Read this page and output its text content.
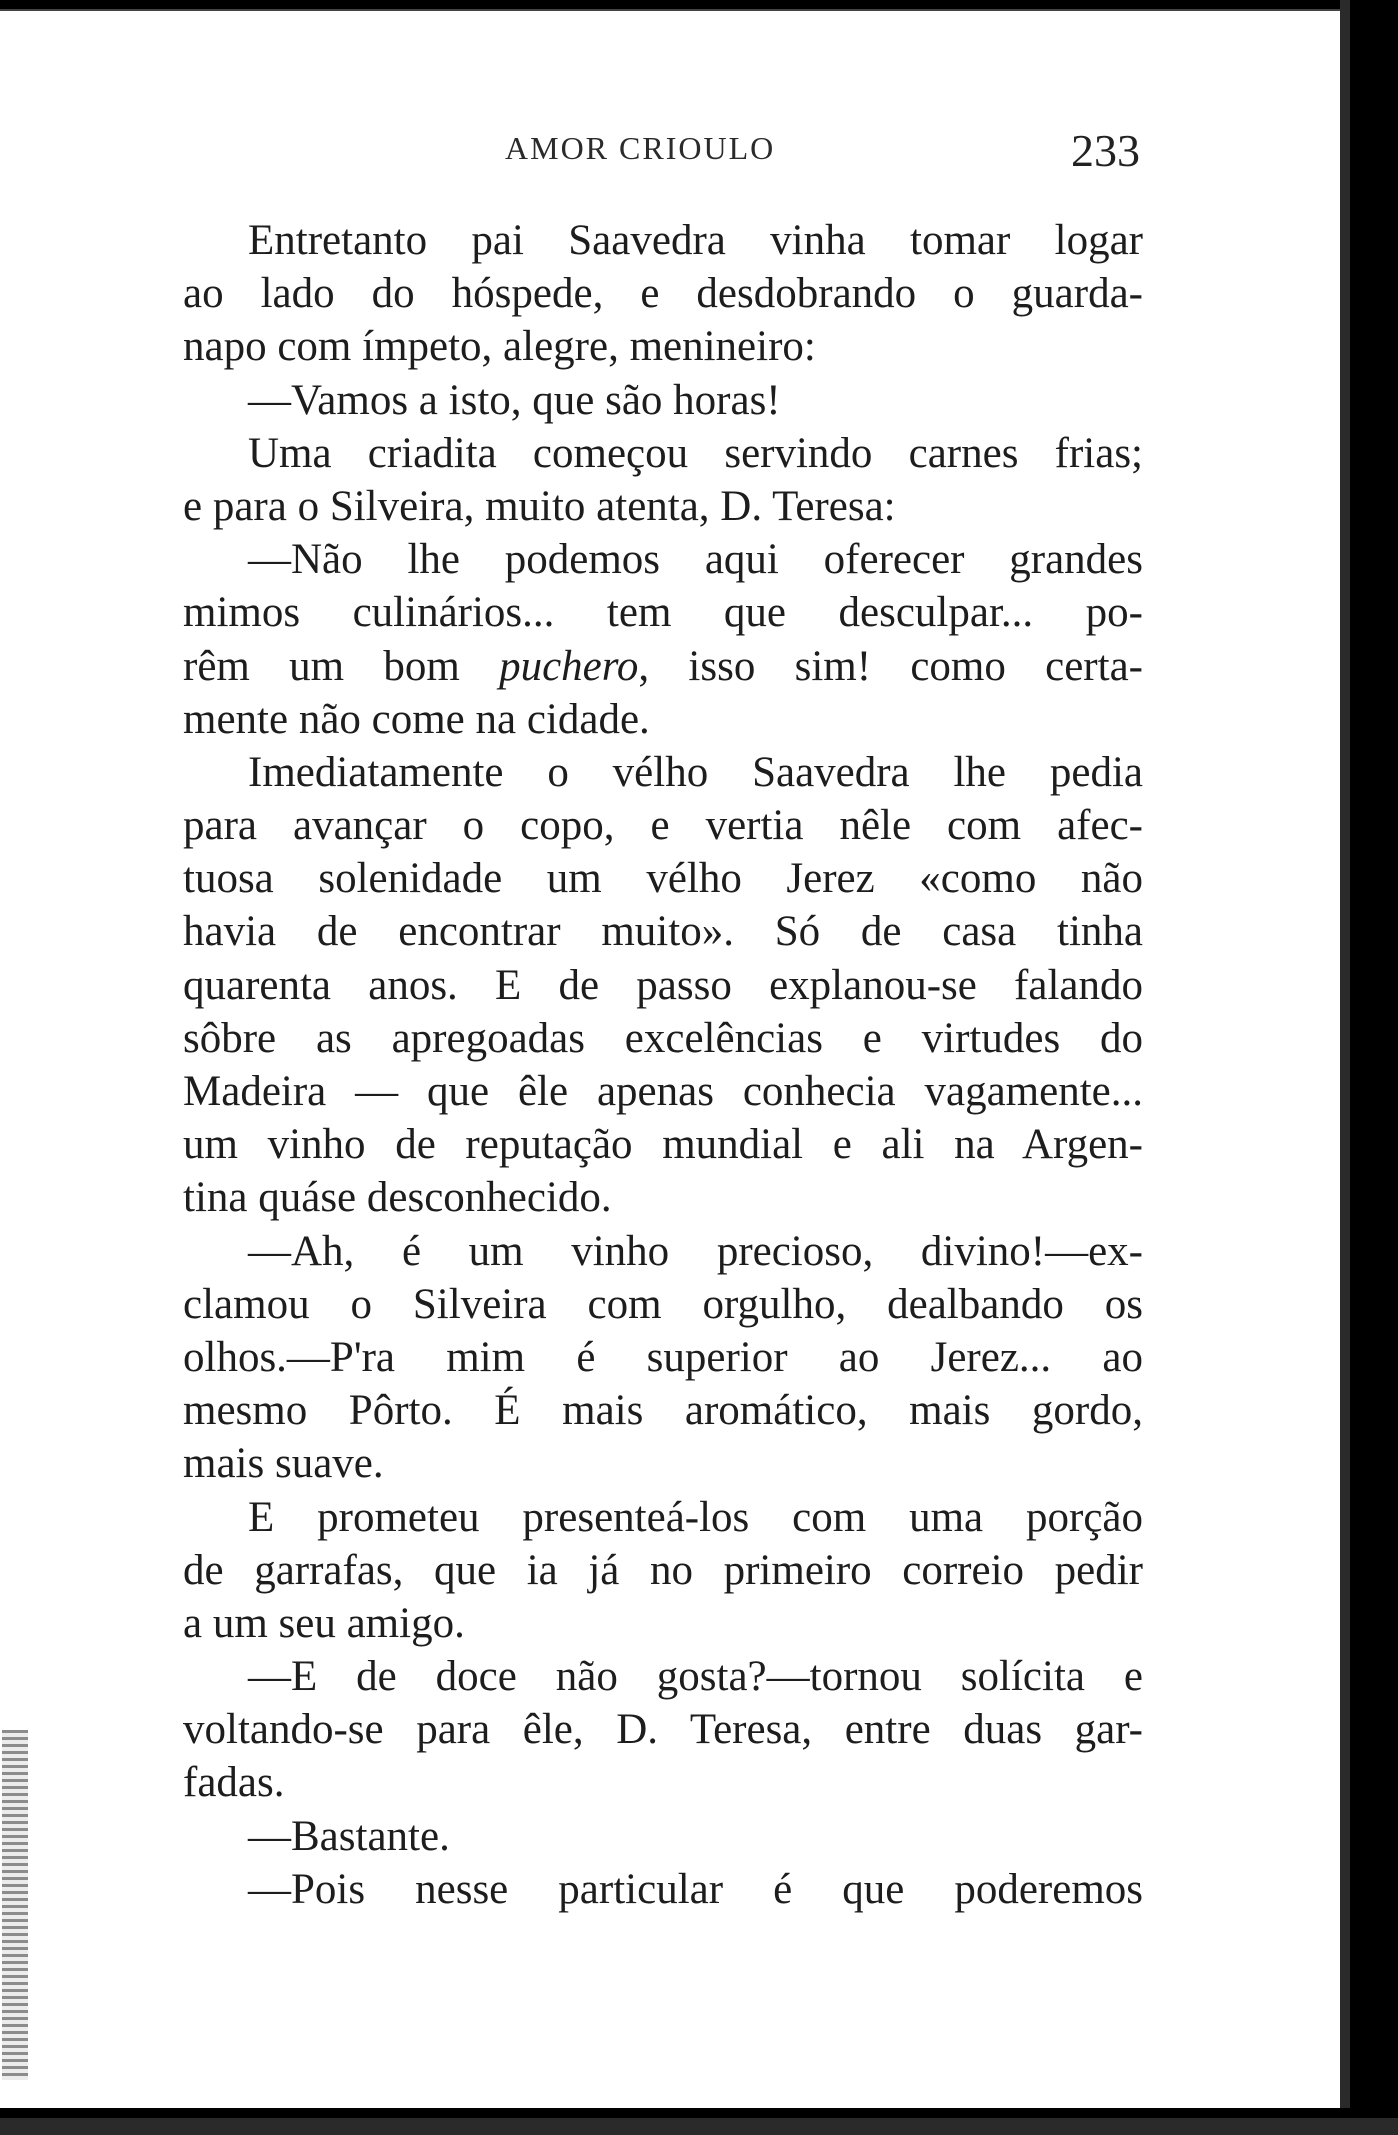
AMOR CRIOULO	233
Entretanto pai Saavedra vinha tomar logar
ao lado do hóspede, e desdobrando o guarda-
napo com ímpeto, alegre, menineiro:
—Vamos a isto, que são horas!
Uma criadita começou servindo carnes frias;
e para o Silveira, muito atenta, D. Teresa:
—Não lhe podemos aqui oferecer grandes
mimos culinários... tem que desculpar... po-
rêm um bom puchero, isso sim! como certa-
mente não come na cidade.
Imediatamente o vélho Saavedra lhe pedia
para avançar o copo, e vertia nêle com afec-
tuosa solenidade um vélho Jerez «como não
havia de encontrar muito». Só de casa tinha
quarenta anos. E de passo explanou-se falando
sôbre as apregoadas excelências e virtudes do
Madeira — que êle apenas conhecia vagamente...
um vinho de reputação mundial e ali na Argen-
tina quáse desconhecido.
—Ah, é um vinho precioso, divino!—ex-
clamou o Silveira com orgulho, dealbando os
olhos.—P'ra mim é superior ao Jerez... ao
mesmo Pôrto. É mais aromático, mais gordo,
mais suave.
E prometeu presenteá-los com uma porção
de garrafas, que ia já no primeiro correio pedir
a um seu amigo.
—E de doce não gosta?—tornou solícita e
voltando-se para êle, D. Teresa, entre duas gar-
fadas.
—Bastante.
—Pois nesse particular é que poderemos
